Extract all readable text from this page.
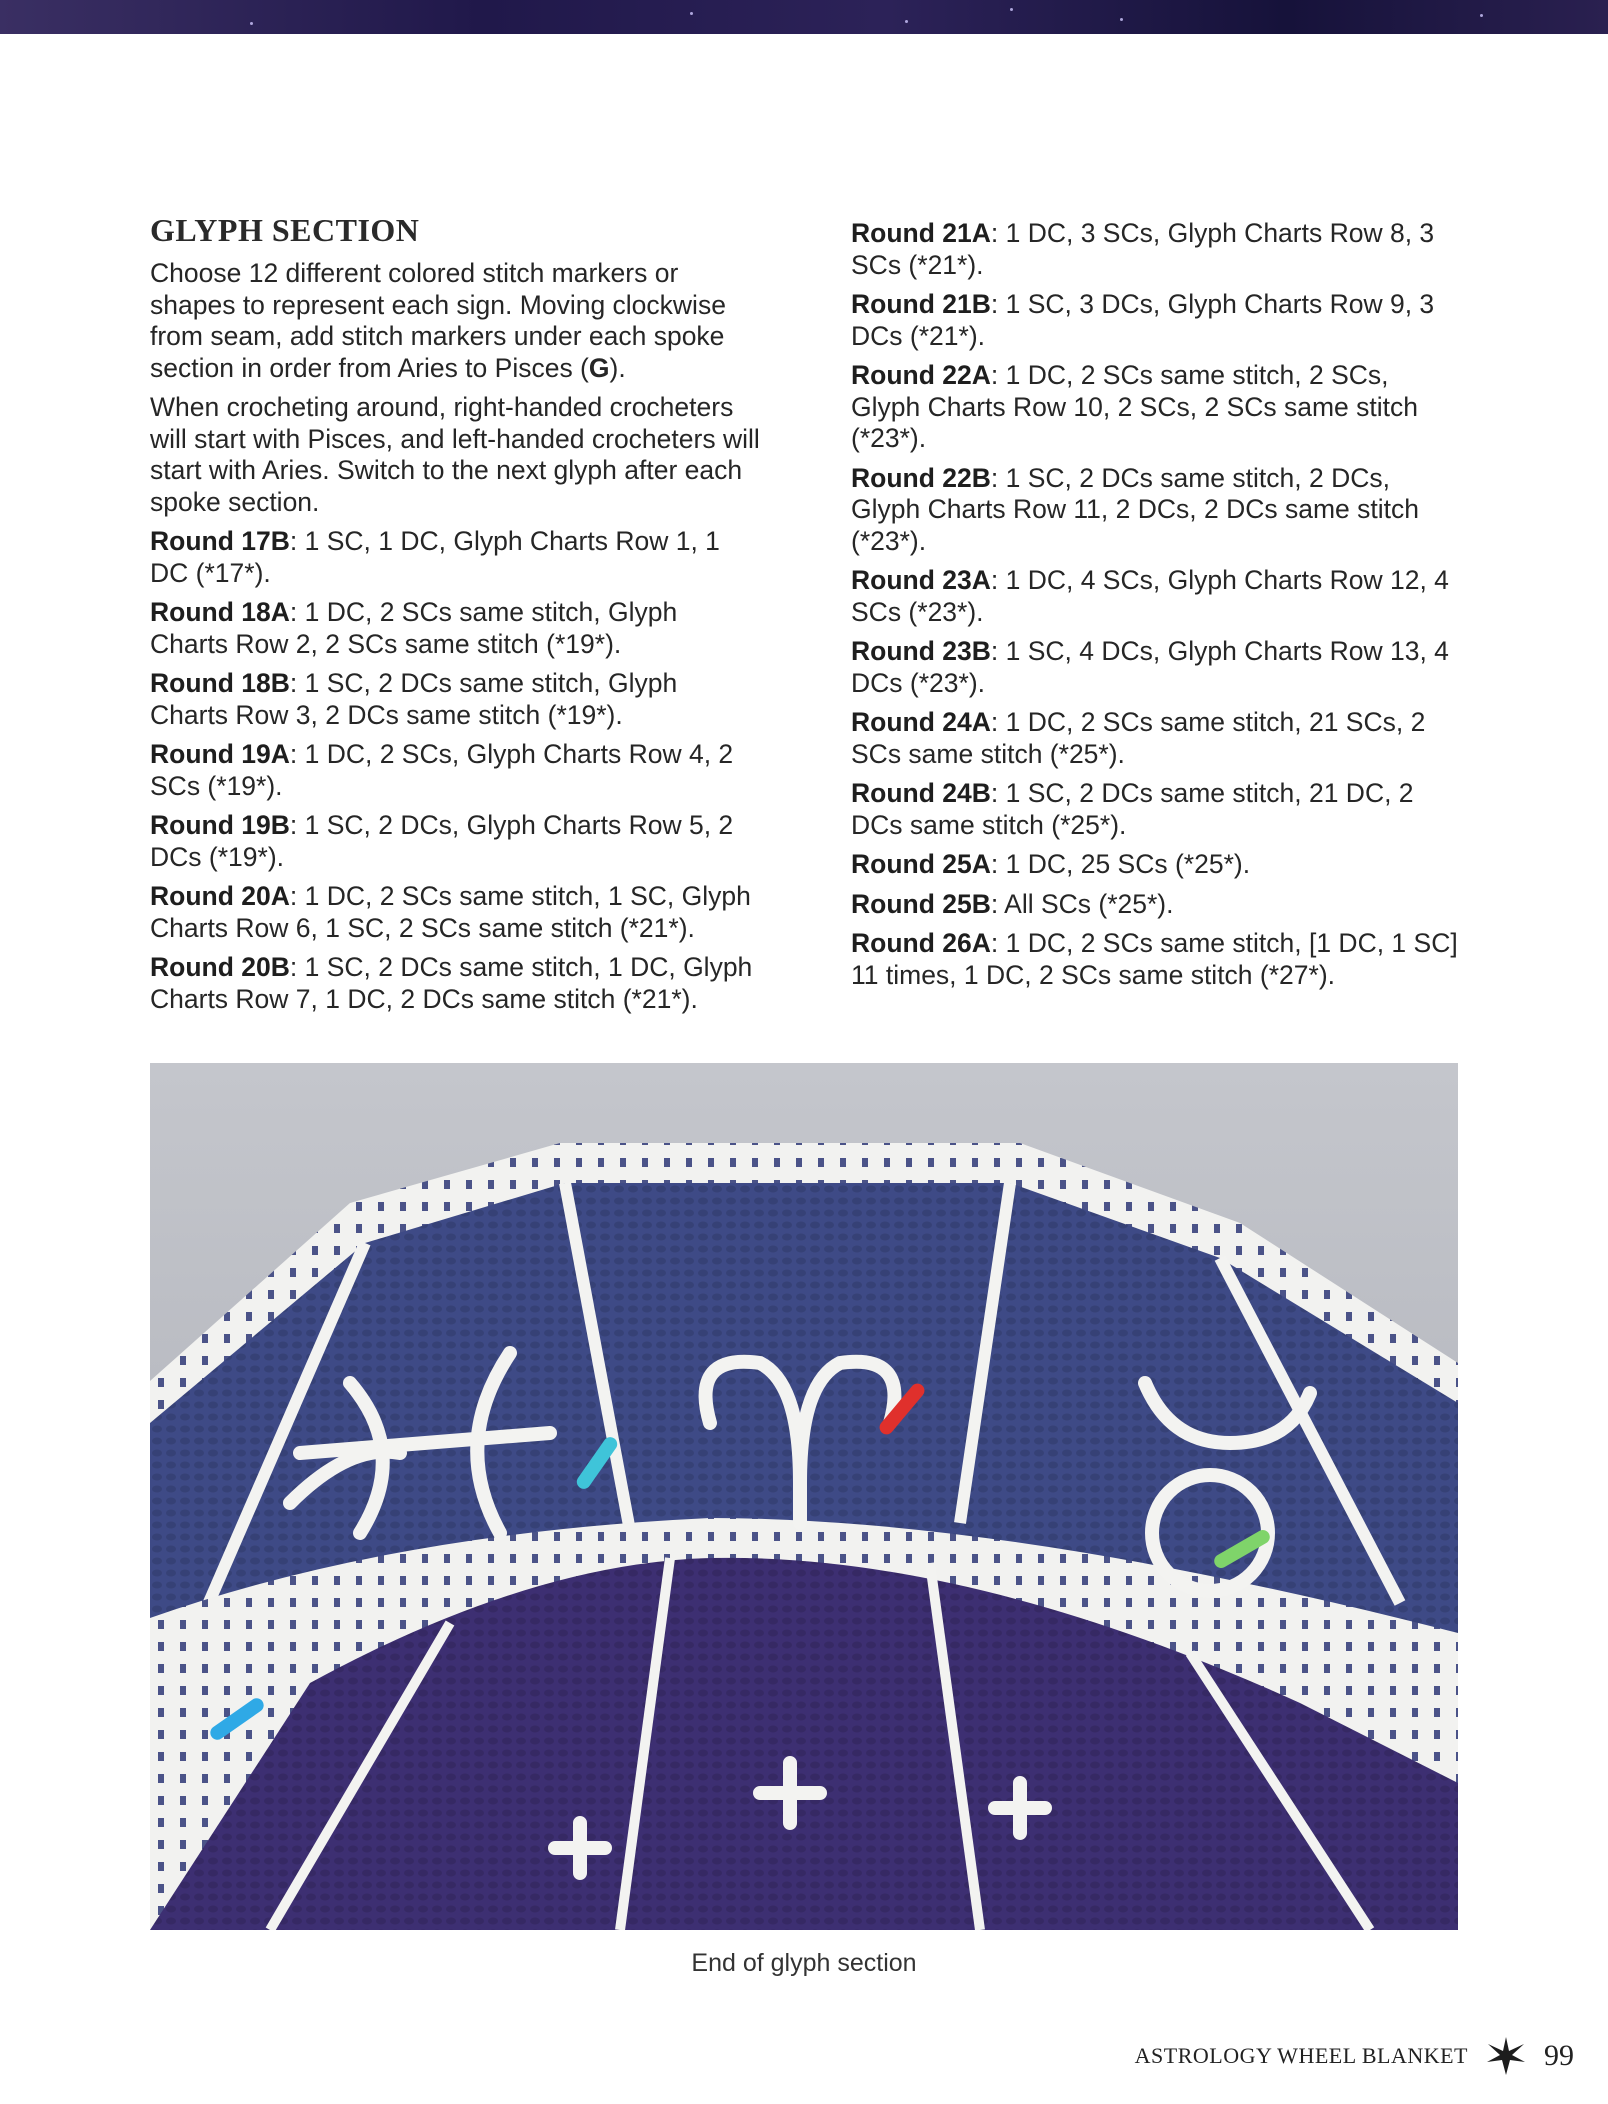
GLYPH SECTION

Choose 12 different colored stitch markers or shapes to represent each sign. Moving clockwise from seam, add stitch markers under each spoke section in order from Aries to Pisces (G).

When crocheting around, right-handed crocheters will start with Pisces, and left-handed crocheters will start with Aries. Switch to the next glyph after each spoke section.

Round 17B: 1 SC, 1 DC, Glyph Charts Row 1, 1 DC (*17*).

Round 18A: 1 DC, 2 SCs same stitch, Glyph Charts Row 2, 2 SCs same stitch (*19*).

Round 18B: 1 SC, 2 DCs same stitch, Glyph Charts Row 3, 2 DCs same stitch (*19*).

Round 19A: 1 DC, 2 SCs, Glyph Charts Row 4, 2 SCs (*19*).

Round 19B: 1 SC, 2 DCs, Glyph Charts Row 5, 2 DCs (*19*).

Round 20A: 1 DC, 2 SCs same stitch, 1 SC, Glyph Charts Row 6, 1 SC, 2 SCs same stitch (*21*).

Round 20B: 1 SC, 2 DCs same stitch, 1 DC, Glyph Charts Row 7, 1 DC, 2 DCs same stitch (*21*).

Round 21A: 1 DC, 3 SCs, Glyph Charts Row 8, 3 SCs (*21*).

Round 21B: 1 SC, 3 DCs, Glyph Charts Row 9, 3 DCs (*21*).

Round 22A: 1 DC, 2 SCs same stitch, 2 SCs, Glyph Charts Row 10, 2 SCs, 2 SCs same stitch (*23*).

Round 22B: 1 SC, 2 DCs same stitch, 2 DCs, Glyph Charts Row 11, 2 DCs, 2 DCs same stitch (*23*).

Round 23A: 1 DC, 4 SCs, Glyph Charts Row 12, 4 SCs (*23*).

Round 23B: 1 SC, 4 DCs, Glyph Charts Row 13, 4 DCs (*23*).

Round 24A: 1 DC, 2 SCs same stitch, 21 SCs, 2 SCs same stitch (*25*).

Round 24B: 1 SC, 2 DCs same stitch, 21 DC, 2 DCs same stitch (*25*).

Round 25A: 1 DC, 25 SCs (*25*).

Round 25B: All SCs (*25*).

Round 26A: 1 DC, 2 SCs same stitch, [1 DC, 1 SC] 11 times, 1 DC, 2 SCs same stitch (*27*).

End of glyph section
ASTROLOGY WHEEL BLANKET	99
